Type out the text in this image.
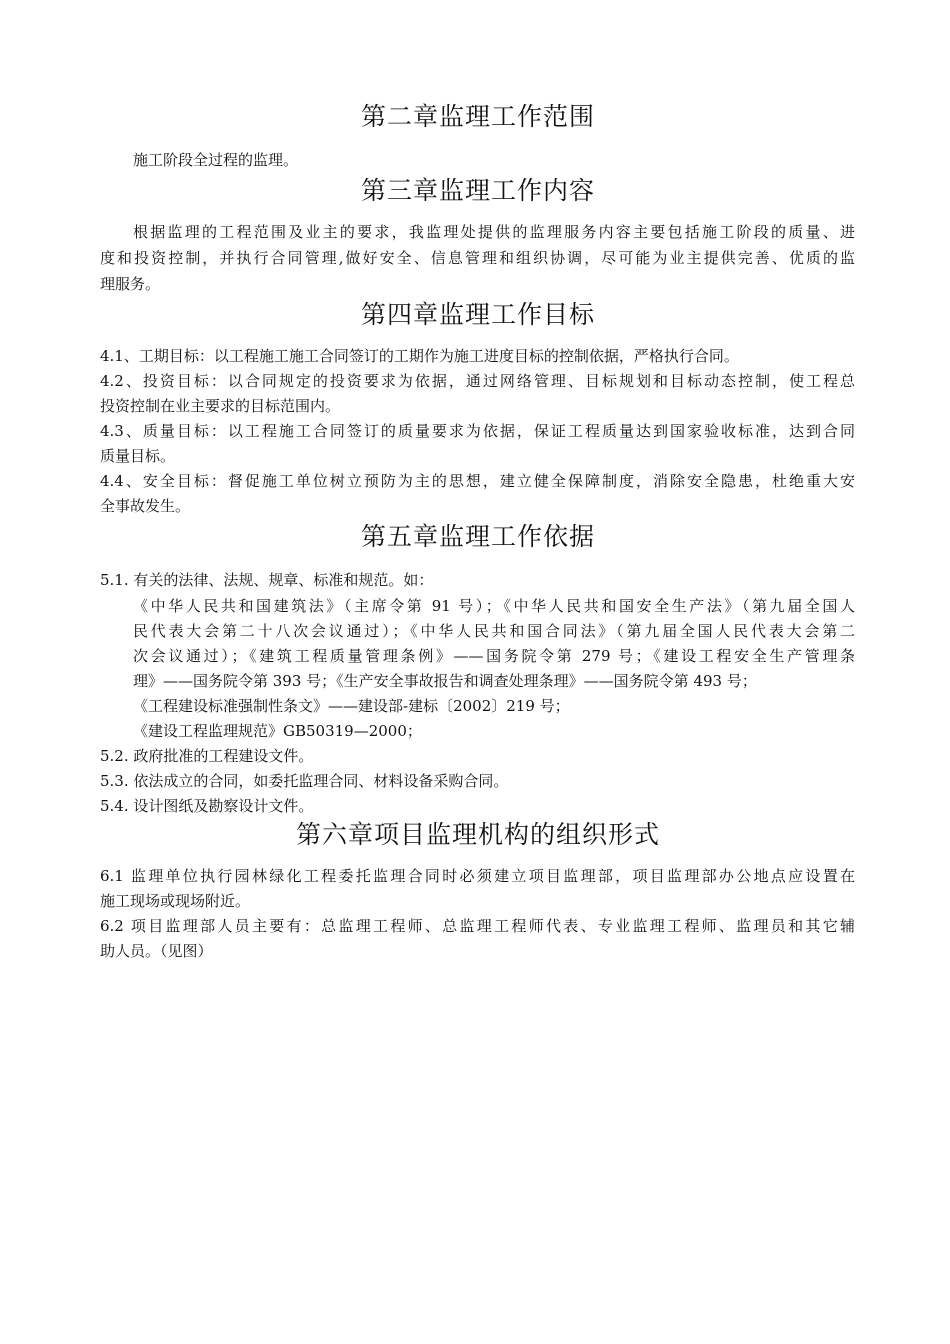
第二章监理工作范围
施工阶段全过程的监理。
第三章监理工作内容
根据监理的工程范围及业主的要求，我监理处提供的监理服务内容主要包括施工阶段的质量、进
度和投资控制，并执行合同管理,做好安全、信息管理和组织协调，尽可能为业主提供完善、优质的监
理服务。
第四章监理工作目标
4.1、工期目标：以工程施工施工合同签订的工期作为施工进度目标的控制依据，严格执行合同。
4.2、投资目标：以合同规定的投资要求为依据，通过网络管理、目标规划和目标动态控制，使工程总
投资控制在业主要求的目标范围内。
4.3、质量目标：以工程施工合同签订的质量要求为依据，保证工程质量达到国家验收标准，达到合同
质量目标。
4.4、安全目标：督促施工单位树立预防为主的思想，建立健全保障制度，消除安全隐患，杜绝重大安
全事故发生。
第五章监理工作依据
5.1. 有关的法律、法规、规章、标准和规范。如：
《中华人民共和国建筑法》（主席令第 91 号）；《中华人民共和国安全生产法》（第九届全国人
民代表大会第二十八次会议通过）；《中华人民共和国合同法》（第九届全国人民代表大会第二
次会议通过）；《建筑工程质量管理条例》——国务院令第 279 号；《建设工程安全生产管理条
理》——国务院令第 393 号；《生产安全事故报告和调查处理条理》——国务院令第 493 号；
《工程建设标准强制性条文》——建设部-建标〔2002〕219 号；
《建设工程监理规范》GB50319—2000；
5.2. 政府批准的工程建设文件。
5.3. 依法成立的合同，如委托监理合同、材料设备采购合同。
5.4. 设计图纸及勘察设计文件。
第六章项目监理机构的组织形式
6.1 监理单位执行园林绿化工程委托监理合同时必须建立项目监理部，项目监理部办公地点应设置在
施工现场或现场附近。
6.2 项目监理部人员主要有：总监理工程师、总监理工程师代表、专业监理工程师、监理员和其它辅
助人员。（见图）
